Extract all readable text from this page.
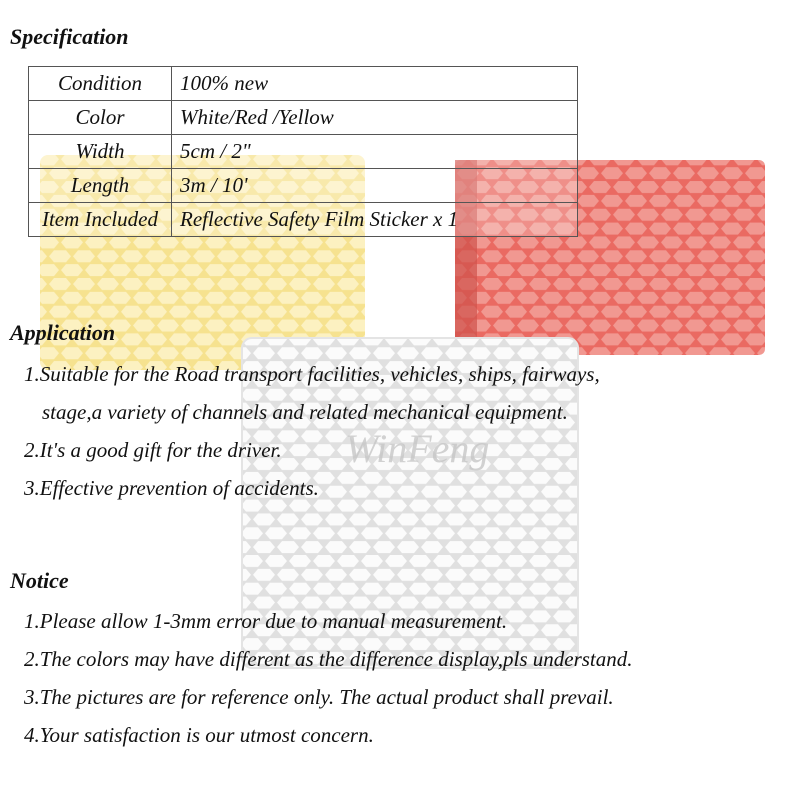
WinFeng
Specification
Condition	100% new
Color	White/Red /Yellow
Width	5cm / 2"
Length	3m / 10'
Item Included	Reflective Safety Film Sticker x 1
Application
1.Suitable for the Road transport facilities, vehicles, ships, fairways,
stage,a variety of channels and related mechanical equipment.
2.It's a good gift for the driver.
3.Effective prevention of accidents.
Notice
1.Please allow 1-3mm error due to manual measurement.
2.The colors may have different as the difference display,pls understand.
3.The pictures are for reference only. The actual product shall prevail.
4.Your satisfaction is our utmost concern.
